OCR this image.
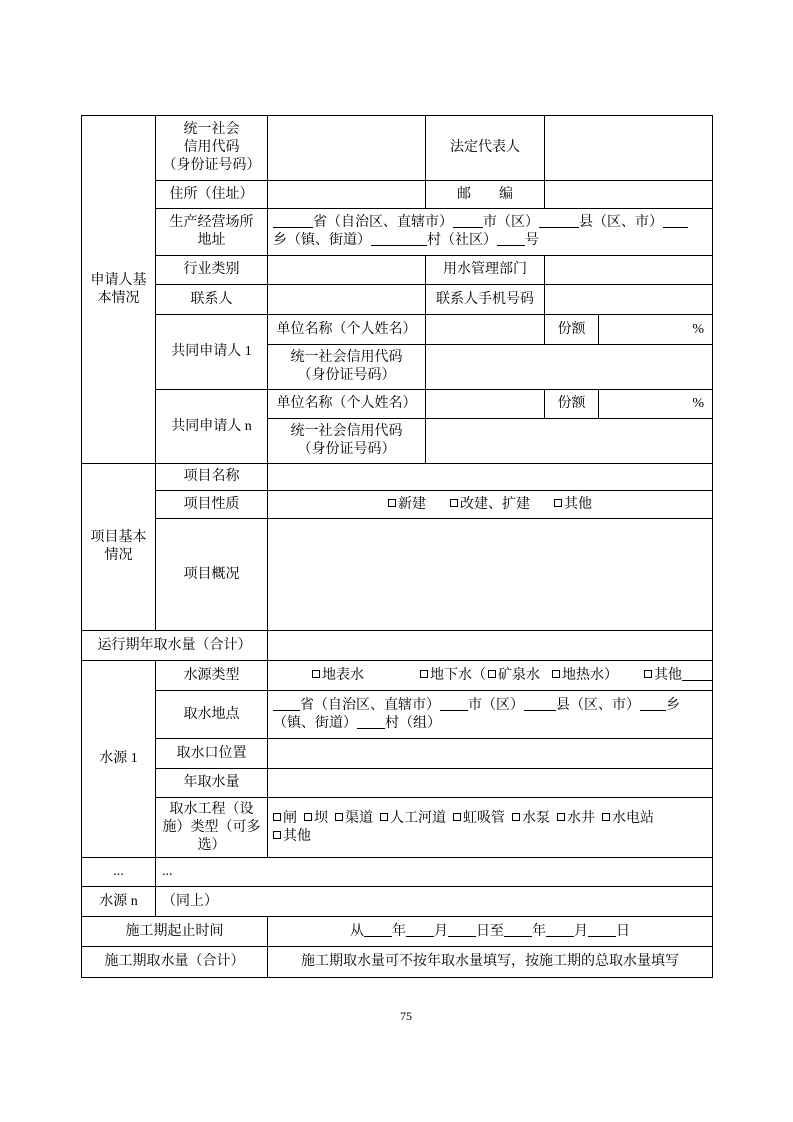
申请人基
本情况	统一社会
信用代码
（身份证号码）		法定代表人		
	住所（住址）		邮　　编		

	生产经营场所
地址	省（自治区、直辖市） 市（区） 县（区、市）
乡（镇、街道） 村（社区） 号			

	行业类别		用水管理部门		
	联系人		联系人手机号码		
	共同申请人 1	单位名称（个人姓名）		份额	%

		统一社会信用代码
（身份证号码）			

	共同申请人 n	单位名称（个人姓名）		份额	%

		统一社会信用代码
（身份证号码）			

项目基本
情况	项目名称				
	项目性质	新建 改建、扩建 其他			
	项目概况				
运行期年取水量（合计）					
水源 1	水源类型	地表水 地下水（ 矿泉水 地热水） 其他			
	取水地点	省（自治区、直辖市） 市（区） 县（区、市） 乡
（镇、街道） 村（组）			

	取水口位置				
	年取水量				

	取水工程（设
施）类型（可多
选）	闸 坝 渠道 人工河道 虹吸管 水泵 水井 水电站
其他			

...	...				
水源 n	（同上）				
施工期起止时间		从 年 月 日至 年 月 日			
施工期取水量（合计）		施工期取水量可不按年取水量填写，按施工期的总取水量填写			
75
